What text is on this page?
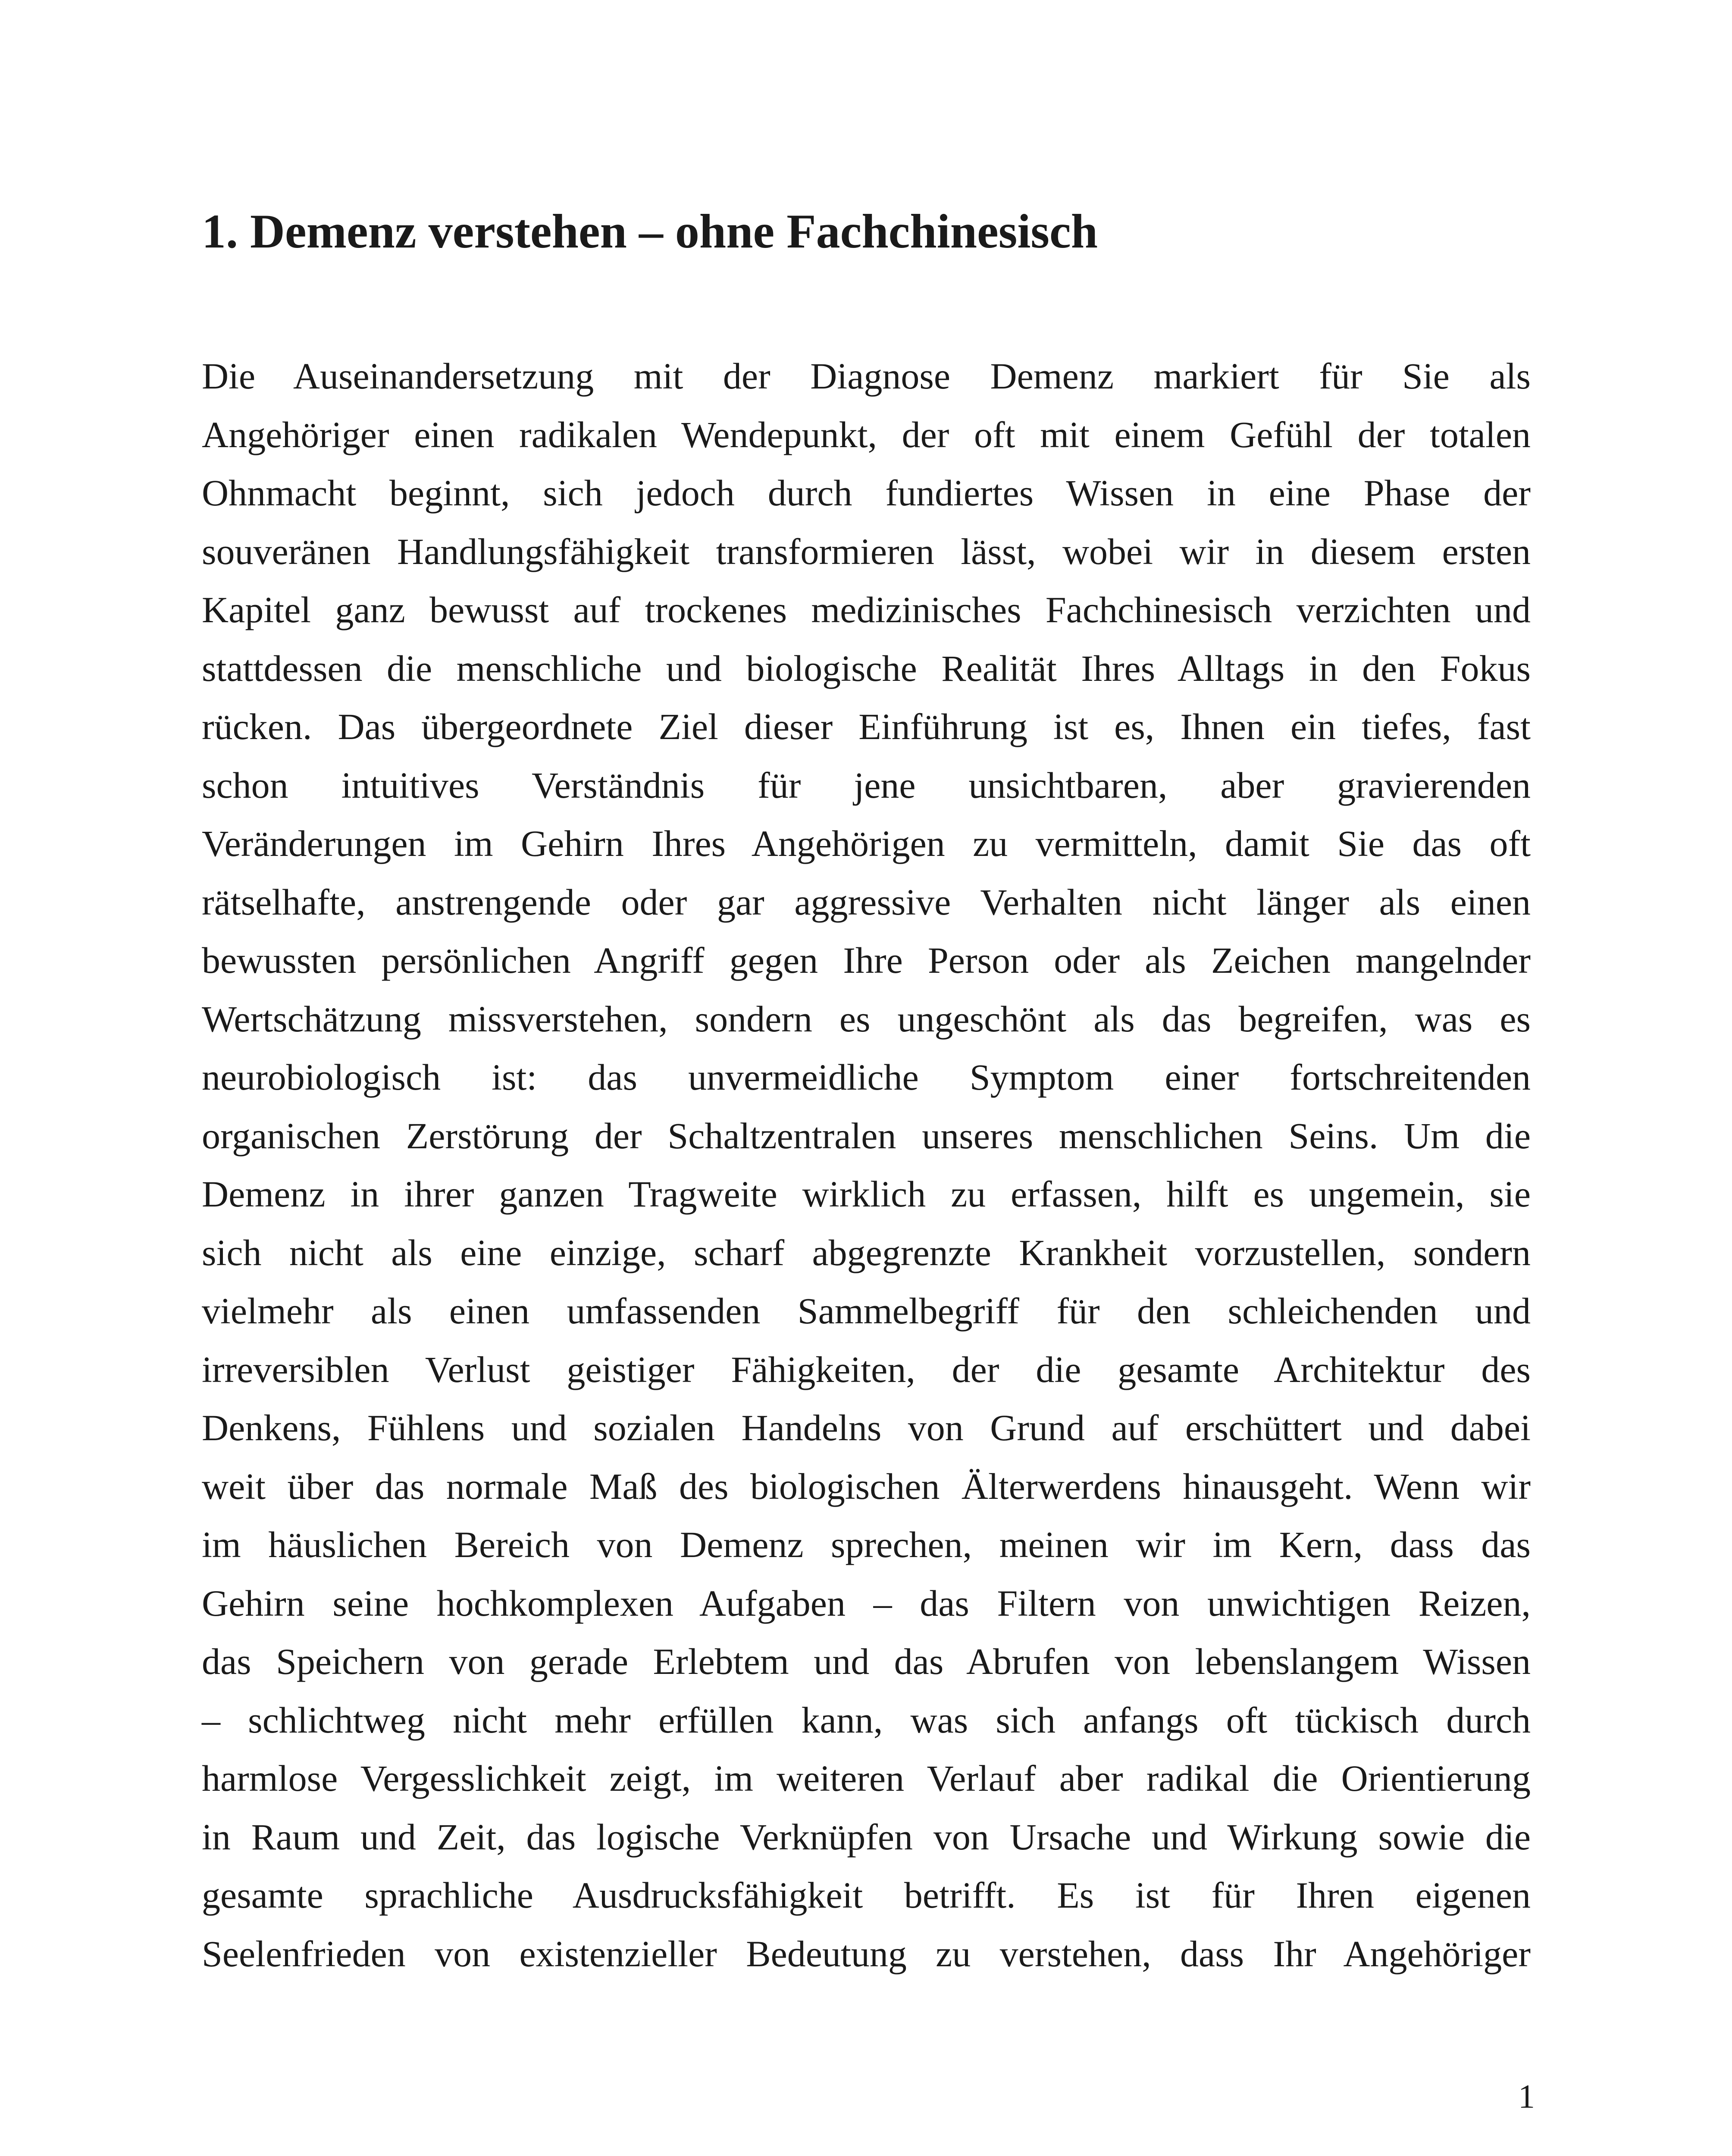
1. Demenz verstehen – ohne Fachchinesisch
Die Auseinandersetzung mit der Diagnose Demenz markiert für Sie als
Angehöriger einen radikalen Wendepunkt, der oft mit einem Gefühl der totalen
Ohnmacht beginnt, sich jedoch durch fundiertes Wissen in eine Phase der
souveränen Handlungsfähigkeit transformieren lässt, wobei wir in diesem ersten
Kapitel ganz bewusst auf trockenes medizinisches Fachchinesisch verzichten und
stattdessen die menschliche und biologische Realität Ihres Alltags in den Fokus
rücken. Das übergeordnete Ziel dieser Einführung ist es, Ihnen ein tiefes, fast
schon intuitives Verständnis für jene unsichtbaren, aber gravierenden
Veränderungen im Gehirn Ihres Angehörigen zu vermitteln, damit Sie das oft
rätselhafte, anstrengende oder gar aggressive Verhalten nicht länger als einen
bewussten persönlichen Angriff gegen Ihre Person oder als Zeichen mangelnder
Wertschätzung missverstehen, sondern es ungeschönt als das begreifen, was es
neurobiologisch ist: das unvermeidliche Symptom einer fortschreitenden
organischen Zerstörung der Schaltzentralen unseres menschlichen Seins. Um die
Demenz in ihrer ganzen Tragweite wirklich zu erfassen, hilft es ungemein, sie
sich nicht als eine einzige, scharf abgegrenzte Krankheit vorzustellen, sondern
vielmehr als einen umfassenden Sammelbegriff für den schleichenden und
irreversiblen Verlust geistiger Fähigkeiten, der die gesamte Architektur des
Denkens, Fühlens und sozialen Handelns von Grund auf erschüttert und dabei
weit über das normale Maß des biologischen Älterwerdens hinausgeht. Wenn wir
im häuslichen Bereich von Demenz sprechen, meinen wir im Kern, dass das
Gehirn seine hochkomplexen Aufgaben – das Filtern von unwichtigen Reizen,
das Speichern von gerade Erlebtem und das Abrufen von lebenslangem Wissen
– schlichtweg nicht mehr erfüllen kann, was sich anfangs oft tückisch durch
harmlose Vergesslichkeit zeigt, im weiteren Verlauf aber radikal die Orientierung
in Raum und Zeit, das logische Verknüpfen von Ursache und Wirkung sowie die
gesamte sprachliche Ausdrucksfähigkeit betrifft. Es ist für Ihren eigenen
Seelenfrieden von existenzieller Bedeutung zu verstehen, dass Ihr Angehöriger
1
